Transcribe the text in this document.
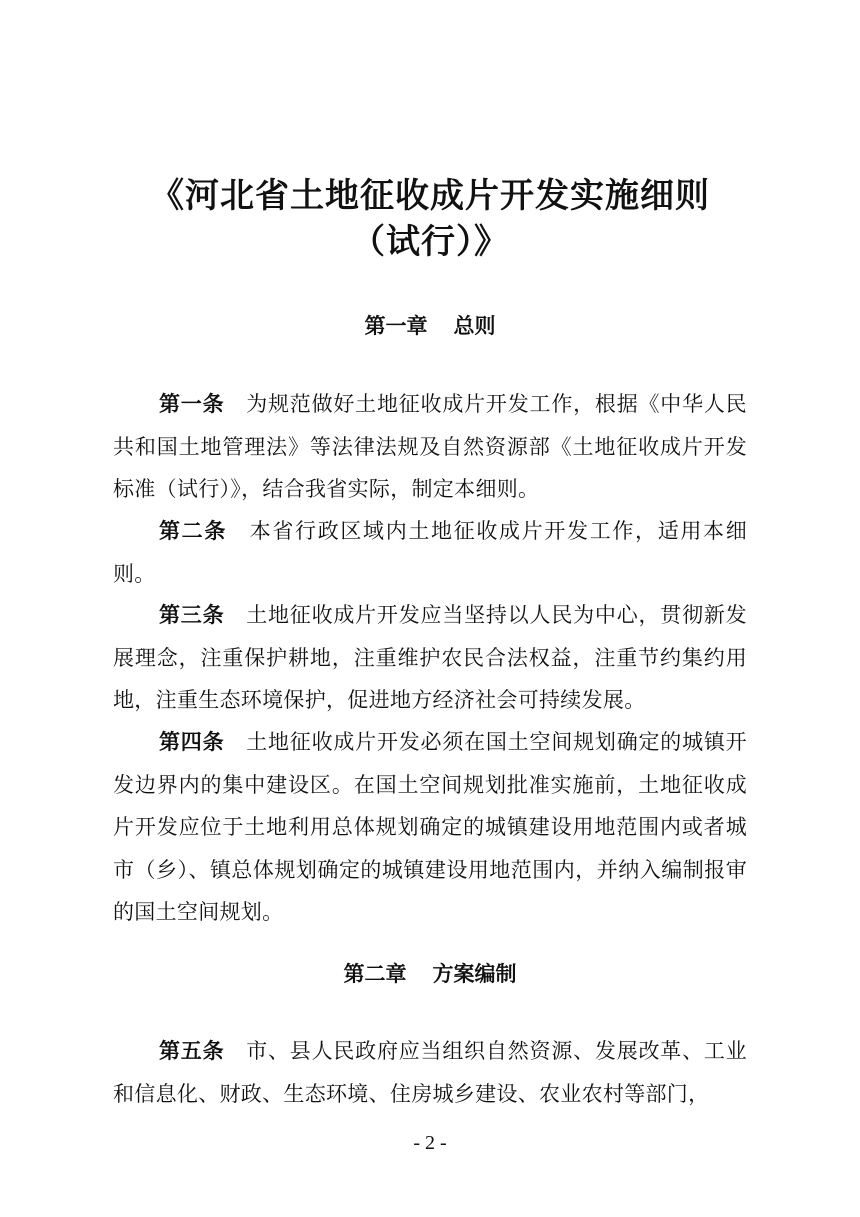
《河北省土地征收成片开发实施细则
（试行）》
第一章 总则

第一条　 为规范做好土地征收成片开发工作，根据《中华人民共和国土地管理法》等法律法规及自然资源部《土地征收成片开发标准（试行）》，结合我省实际，制定本细则。

第二条　 本省行政区域内土地征收成片开发工作，适用本细则。

第三条　 土地征收成片开发应当坚持以人民为中心，贯彻新发展理念，注重保护耕地，注重维护农民合法权益，注重节约集约用地，注重生态环境保护，促进地方经济社会可持续发展。

第四条　 土地征收成片开发必须在国土空间规划确定的城镇开发边界内的集中建设区。在国土空间规划批准实施前，土地征收成片开发应位于土地利用总体规划确定的城镇建设用地范围内或者城市（乡）、镇总体规划确定的城镇建设用地范围内，并纳入编制报审的国土空间规划。

第二章 方案编制

第五条　 市、县人民政府应当组织自然资源、发展改革、工业和信息化、财政、生态环境、住房城乡建设、农业农村等部门，

- 2 -
